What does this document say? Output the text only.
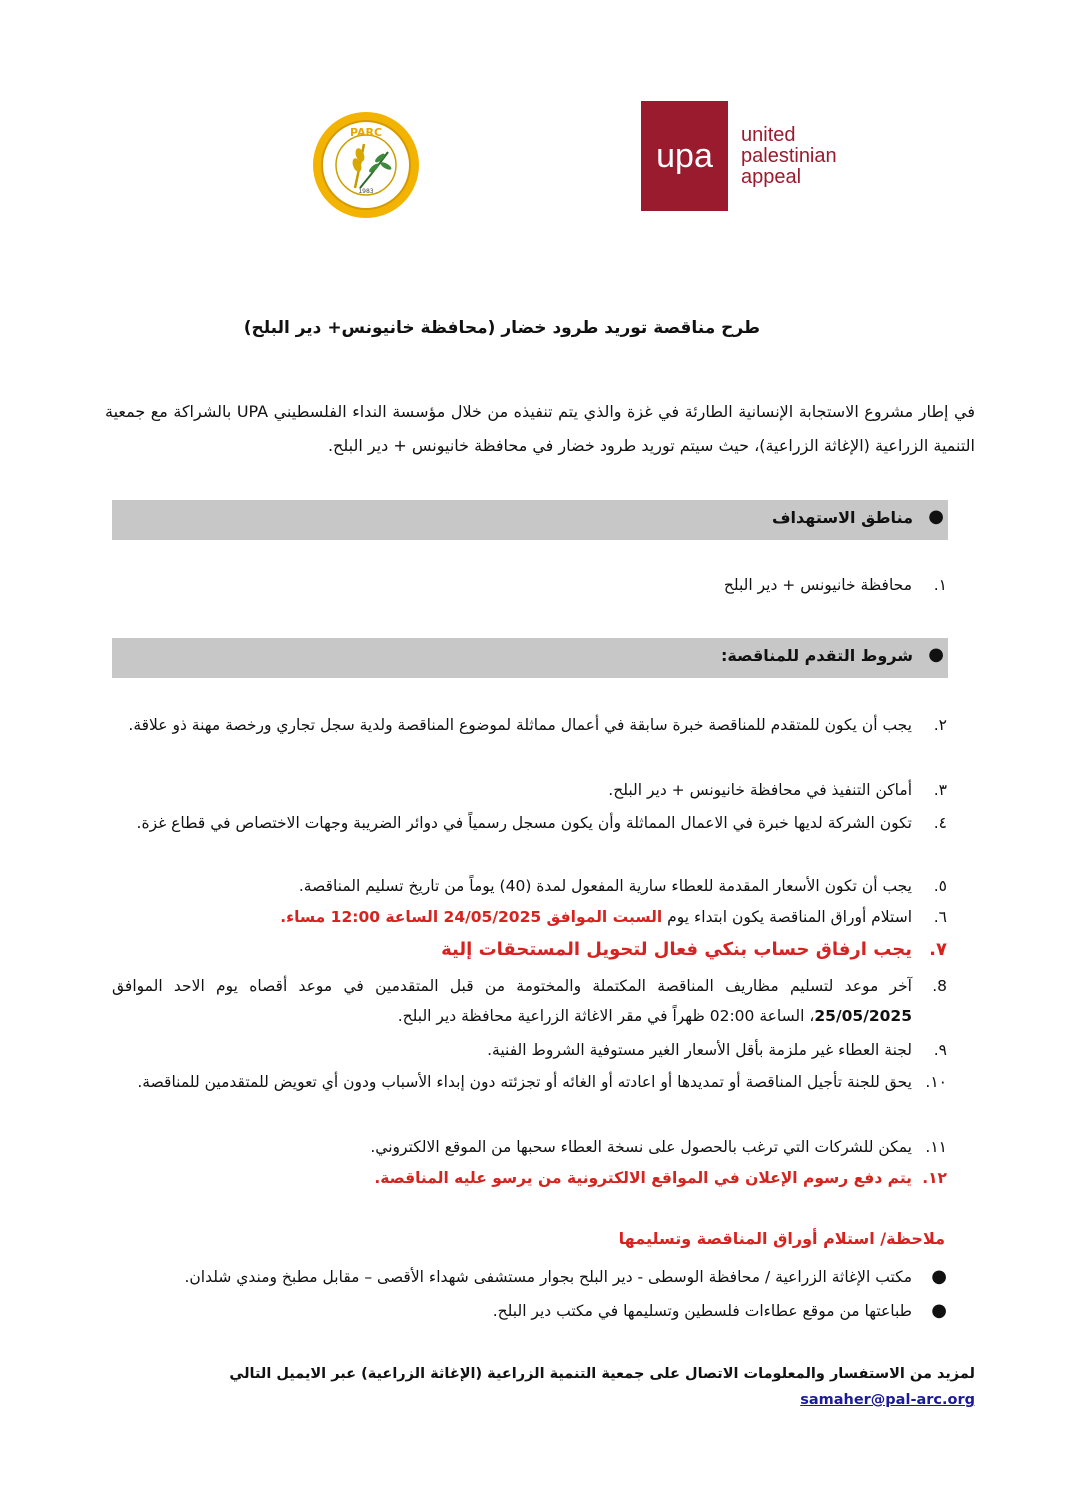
PARC
1983
upa
united
palestinian
appeal
طرح مناقصة توريد طرود خضار (محافظة خانيونس+ دير البلح)
في إطار مشروع الاستجابة الإنسانية الطارئة في غزة والذي يتم تنفيذه من خلال مؤسسة النداء الفلسطيني UPA بالشراكة مع جمعية التنمية الزراعية (الإغاثة الزراعية)، حيث سيتم توريد طرود خضار في محافظة خانيونس + دير البلح.
●
مناطق الاستهداف
١.
محافظة خانيونس + دير البلح
●
شروط التقدم للمناقصة:
٢.
يجب أن يكون للمتقدم للمناقصة خبرة سابقة في أعمال مماثلة لموضوع المناقصة ولدية سجل تجاري ورخصة مهنة ذو علاقة.
٣.
أماكن التنفيذ في محافظة خانيونس + دير البلح.
٤.
تكون الشركة لديها خبرة في الاعمال المماثلة وأن يكون مسجل رسمياً في دوائر الضريبة وجهات الاختصاص في قطاع غزة.
٥.
يجب أن تكون الأسعار المقدمة للعطاء سارية المفعول لمدة (40) يوماً من تاريخ تسليم المناقصة.
٦.
استلام أوراق المناقصة يكون ابتداء يوم السبت الموافق 24/05/2025 الساعة 12:00 مساء.
٧.
يجب ارفاق حساب بنكي فعال لتحويل المستحقات إلية
8.
آخر موعد لتسليم مظاريف المناقصة المكتملة والمختومة من قبل المتقدمين في موعد أقصاه يوم الاحد الموافق 25/05/2025، الساعة 02:00 ظهراً في مقر الاغاثة الزراعية محافظة دير البلح.
٩.
لجنة العطاء غير ملزمة بأقل الأسعار الغير مستوفية الشروط الفنية.
١٠.
يحق للجنة تأجيل المناقصة أو تمديدها أو اعادته أو الغائه أو تجزئته دون إبداء الأسباب ودون أي تعويض للمتقدمين للمناقصة.
١١.
يمكن للشركات التي ترغب بالحصول على نسخة العطاء سحبها من الموقع الالكتروني.
١٢.
يتم دفع رسوم الإعلان في المواقع الالكترونية من يرسو عليه المناقصة.
ملاحظة/ استلام أوراق المناقصة وتسليمها
●
مكتب الإغاثة الزراعية / محافظة الوسطى - دير البلح بجوار مستشفى شهداء الأقصى – مقابل مطبخ ومندي شلدان.
●
طباعتها من موقع عطاءات فلسطين وتسليمها في مكتب دير البلح.
لمزيد من الاستفسار والمعلومات الاتصال على جمعية التنمية الزراعية (الإغاثة الزراعية) عبر الايميل التالي     samaher@pal-arc.org
